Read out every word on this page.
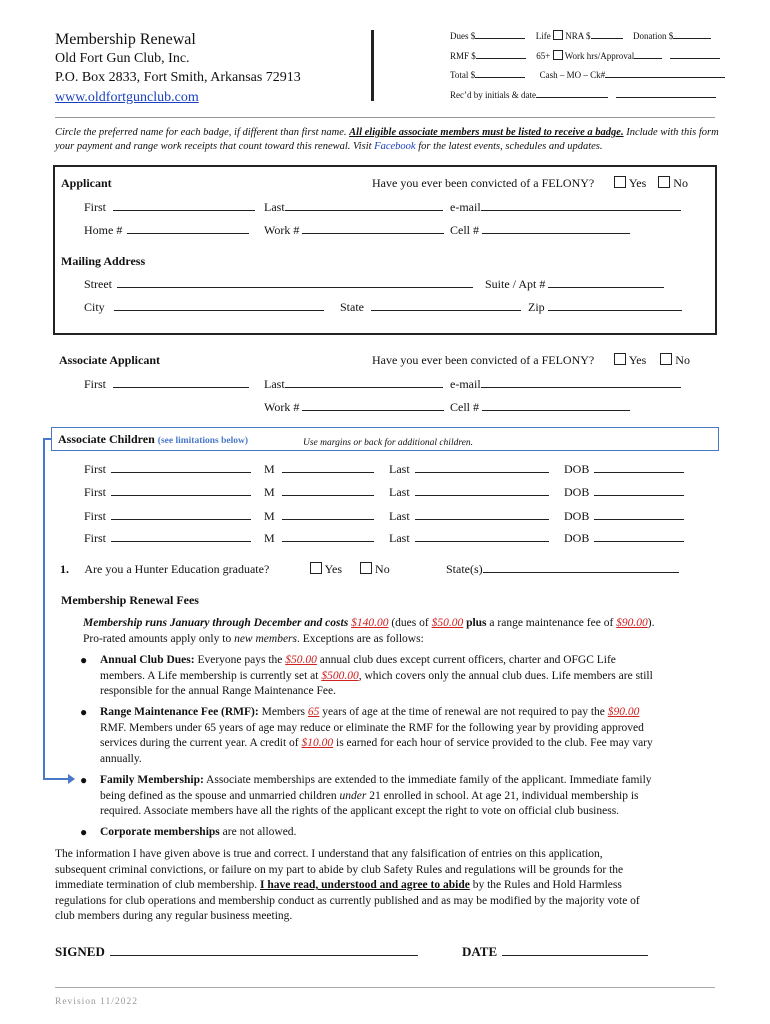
Membership Renewal
Old Fort Gun Club, Inc.
P.O. Box 2833, Fort Smith, Arkansas 72913
www.oldfortgunclub.com
Dues $	Life NRA $	Donation $
RMF $	65+ Work hrs/Approval
Total $	Cash – MO – Ck#
Rec’d by initials & date
Circle the preferred name for each badge, if different than first name. All eligible associate members must be listed to receive a badge. Include with this form your payment and range work receipts that count toward this renewal. Visit Facebook for the latest events, schedules and updates.
Applicant	Have you ever been convicted of a FELONY?	Yes No
First	Last	e-mail
Home #	Work #	Cell #
Mailing Address
Street	Suite / Apt #
City	State	Zip
Associate Applicant	Have you ever been convicted of a FELONY?	Yes No
First	Last	e-mail
Work #	Cell #
Associate Children (see limitations below)	Use margins or back for additional children.
First	M	Last	DOB
First	M	Last	DOB
First	M	Last	DOB
First	M	Last	DOB
1. Are you a Hunter Education graduate?	Yes	No	State(s)
Membership Renewal Fees
Membership runs January through December and costs $140.00 (dues of $50.00 plus a range maintenance fee of $90.00).
Pro-rated amounts apply only to new members. Exceptions are as follows:
● Annual Club Dues: Everyone pays the $50.00 annual club dues except current officers, charter and OFGC Life
members. A Life membership is currently set at $500.00, which covers only the annual club dues. Life members are still
responsible for the annual Range Maintenance Fee.
● Range Maintenance Fee (RMF): Members 65 years of age at the time of renewal are not required to pay the $90.00
RMF. Members under 65 years of age may reduce or eliminate the RMF for the following year by providing approved
services during the current year. A credit of $10.00 is earned for each hour of service provided to the club. Fee may vary
annually.
● Family Membership: Associate memberships are extended to the immediate family of the applicant. Immediate family
being defined as the spouse and unmarried children under 21 enrolled in school. At age 21, individual membership is
required. Associate members have all the rights of the applicant except the right to vote on official club business.
● Corporate memberships are not allowed.
The information I have given above is true and correct. I understand that any falsification of entries on this application,
subsequent criminal convictions, or failure on my part to abide by club Safety Rules and regulations will be grounds for the
immediate termination of club membership. I have read, understood and agree to abide by the Rules and Hold Harmless
regulations for club operations and membership conduct as currently published and as may be modified by the majority vote of
club members during any regular business meeting.
SIGNED	DATE
Revision 11/2022
